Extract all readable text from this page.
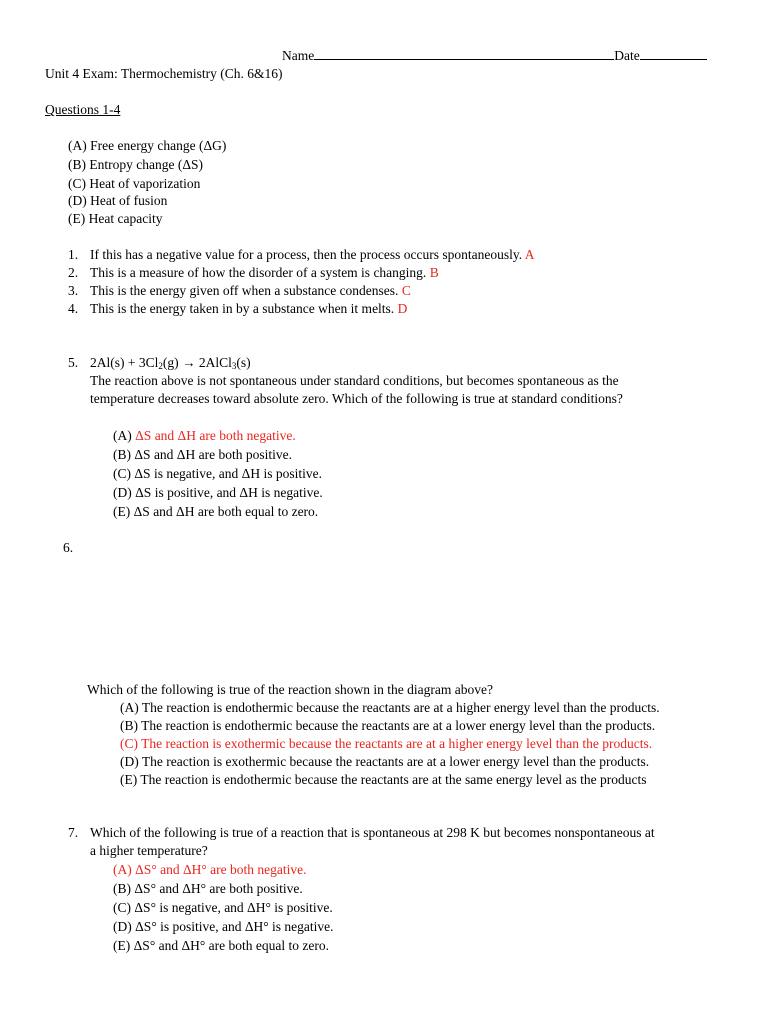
Name	Date
Unit 4 Exam: Thermochemistry (Ch. 6&16)
Questions 1-4
(A) Free energy change (ΔG)
(B) Entropy change (ΔS)
(C) Heat of vaporization
(D) Heat of fusion
(E) Heat capacity
1. If this has a negative value for a process, then the process occurs spontaneously. A
2. This is a measure of how the disorder of a system is changing. B
3. This is the energy given off when a substance condenses. C
4. This is the energy taken in by a substance when it melts. D
5. $2Al(s) + 3Cl_2(g)$ → 2AlCl$_3$(s)
The reaction above is not spontaneous under standard conditions, but becomes spontaneous as the
temperature decreases toward absolute zero. Which of the following is true at standard conditions?
(A) ΔS and ΔH are both negative.
(B) ΔS and ΔH are both positive.
(C) ΔS is negative, and ΔH is positive.
(D) ΔS is positive, and ΔH is negative.
(E) ΔS and ΔH are both equal to zero.
6.
Which of the following is true of the reaction shown in the diagram above?
(A) The reaction is endothermic because the reactants are at a higher energy level than the products.
(B) The reaction is endothermic because the reactants are at a lower energy level than the products.
(C) The reaction is exothermic because the reactants are at a higher energy level than the products.
(D) The reaction is exothermic because the reactants are at a lower energy level than the products.
(E) The reaction is endothermic because the reactants are at the same energy level as the products
7. Which of the following is true of a reaction that is spontaneous at 298 K but becomes nonspontaneous at
a higher temperature?
(A) ΔS° and ΔH° are both negative.
(B) ΔS° and ΔH° are both positive.
(C) ΔS° is negative, and ΔH° is positive.
(D) ΔS° is positive, and ΔH° is negative.
(E) ΔS° and ΔH° are both equal to zero.
